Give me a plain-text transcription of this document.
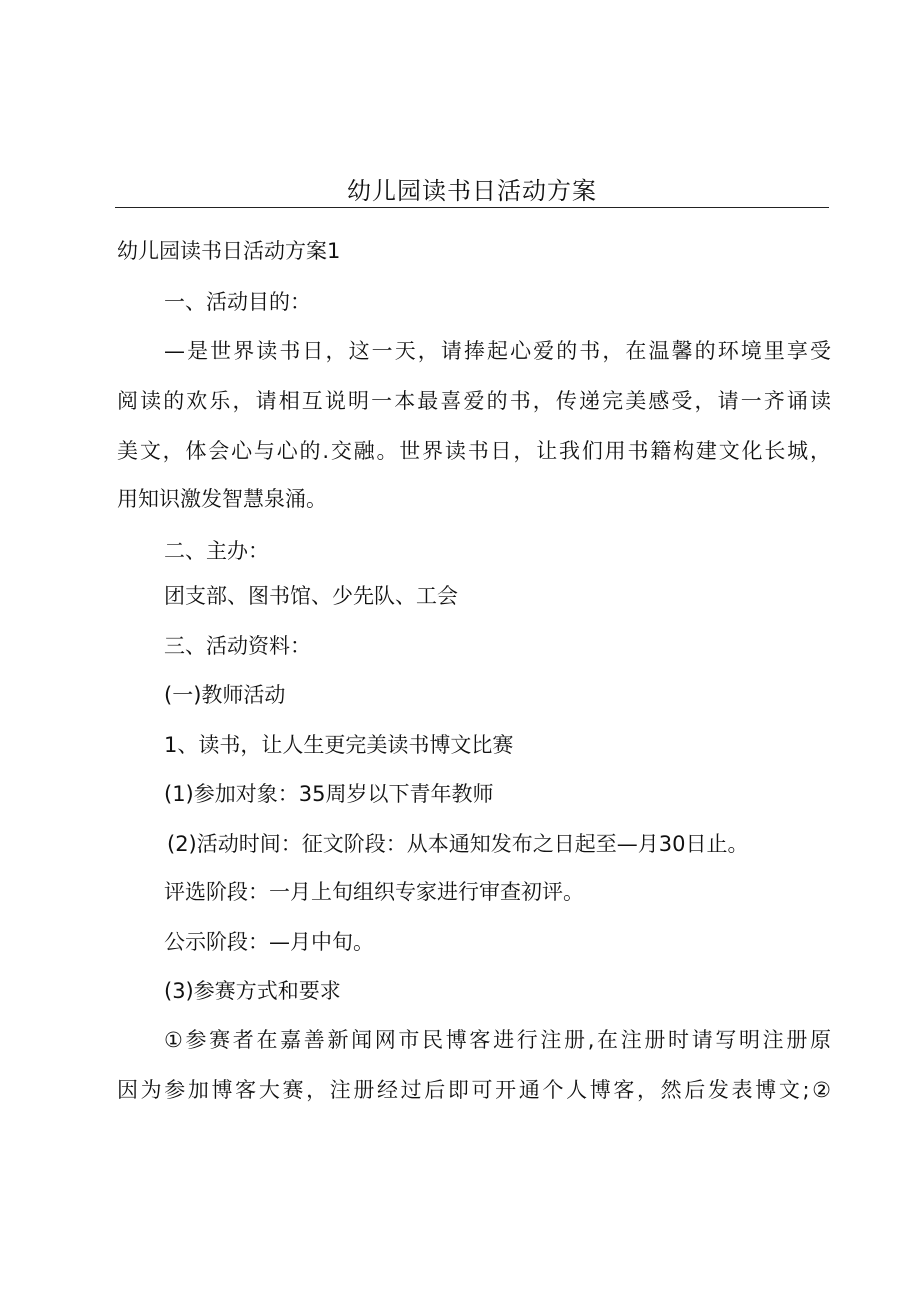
幼儿园读书日活动方案
幼儿园读书日活动方案1
一、活动目的：
—是世界读书日，这一天，请捧起心爱的书，在温馨的环境里享受
阅读的欢乐，请相互说明一本最喜爱的书，传递完美感受，请一齐诵读
美文，体会心与心的.交融。世界读书日，让我们用书籍构建文化长城，
用知识激发智慧泉涌。
二、主办：
团支部、图书馆、少先队、工会
三、活动资料：
(一)教师活动
1、读书，让人生更完美读书博文比赛
(1)参加对象：35周岁以下青年教师
(2)活动时间：征文阶段：从本通知发布之日起至—月30日止。
评选阶段：一月上旬组织专家进行审查初评。
公示阶段：—月中旬。
(3)参赛方式和要求
①参赛者在嘉善新闻网市民博客进行注册,在注册时请写明注册原
因为参加博客大赛，注册经过后即可开通个人博客，然后发表博文;②
